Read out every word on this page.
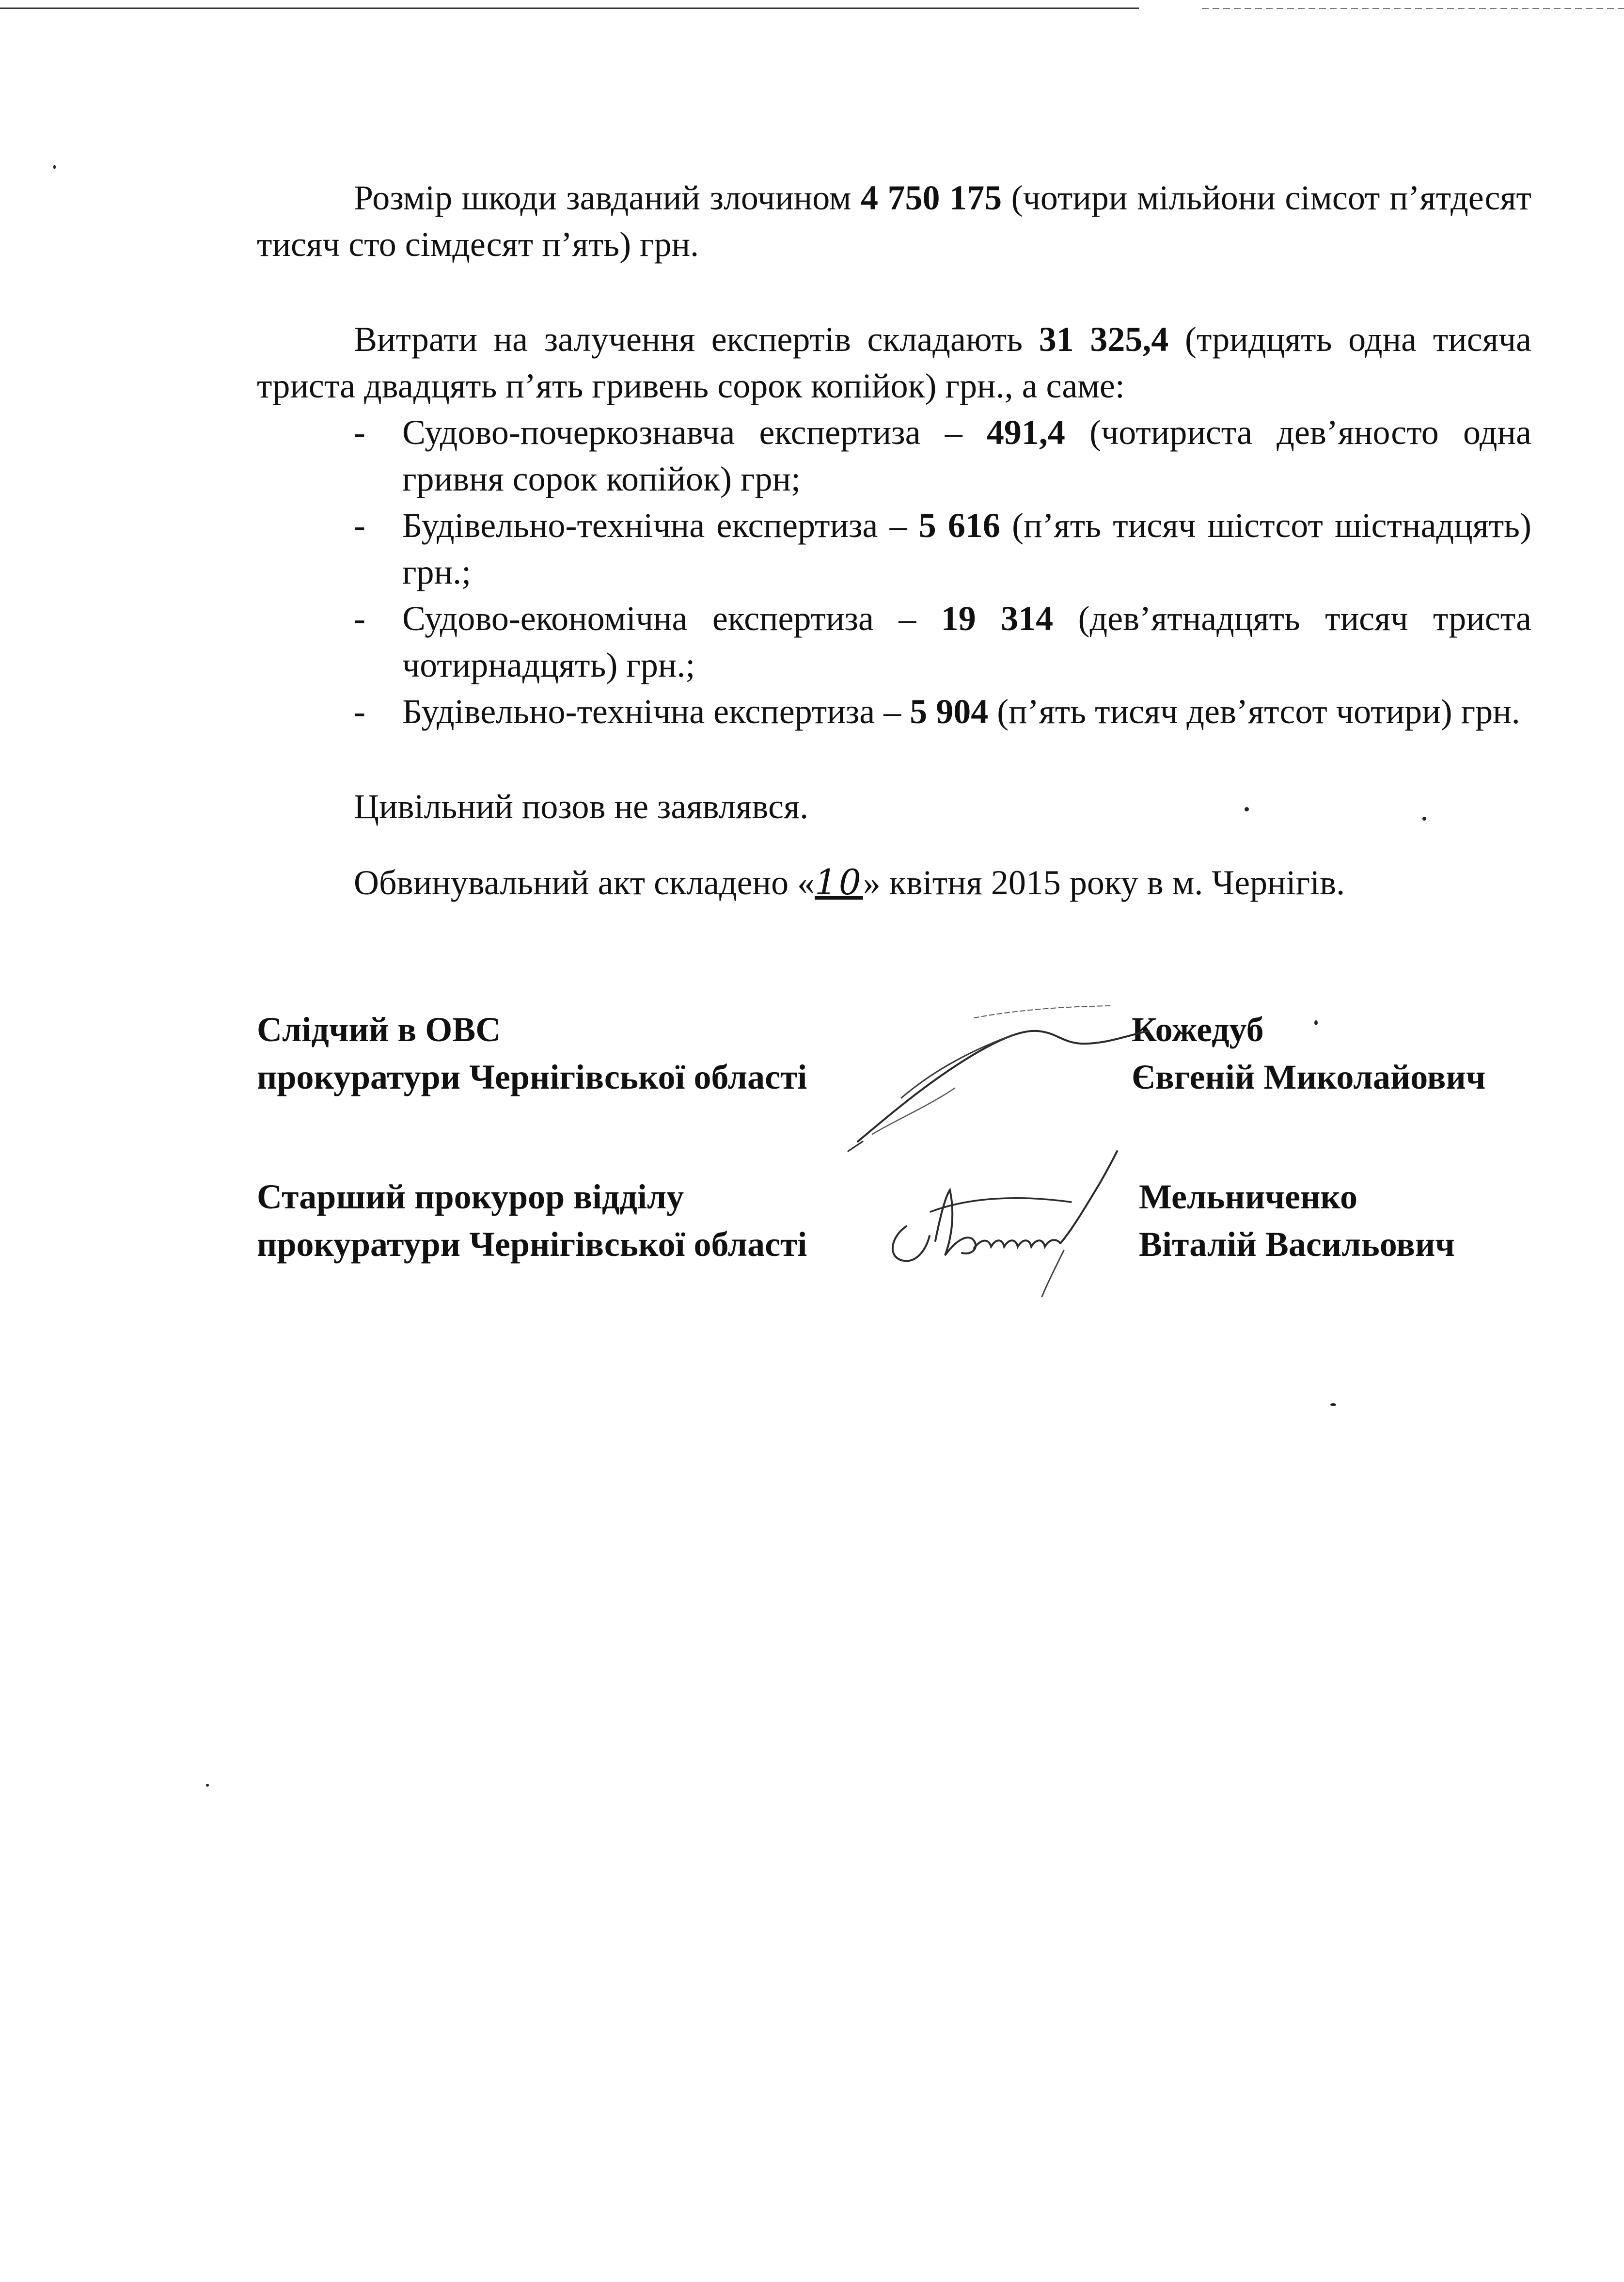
Розмір шкоди завданий злочином 4 750 175 (чотири мільйони сімсот п’ятдесят тисяч сто сімдесят п’ять) грн.

Витрати на залучення експертів складають 31 325,4 (тридцять одна тисяча триста двадцять п’ять гривень сорок копійок) грн., а саме:

- Судово-почеркознавча експертиза – 491,4 (чотириста дев’яносто одна гривня сорок копійок) грн;
- Будівельно-технічна експертиза – 5 616 (п’ять тисяч шістсот шістнадцять) грн.;
- Судово-економічна експертиза – 19 314 (дев’ятнадцять тисяч триста чотирнадцять) грн.;
- Будівельно-технічна експертиза – 5 904 (п’ять тисяч дев’ятсот чотири) грн.

Цивільний позов не заявлявся.

Обвинувальний акт складено «10» квітня 2015 року в м. Чернігів.

Слідчий в ОВС
прокуратури Чернігівської області
Кожедуб
Євгеній Миколайович
Старший прокурор відділу
прокуратури Чернігівської області
Мельниченко
Віталій Васильович
